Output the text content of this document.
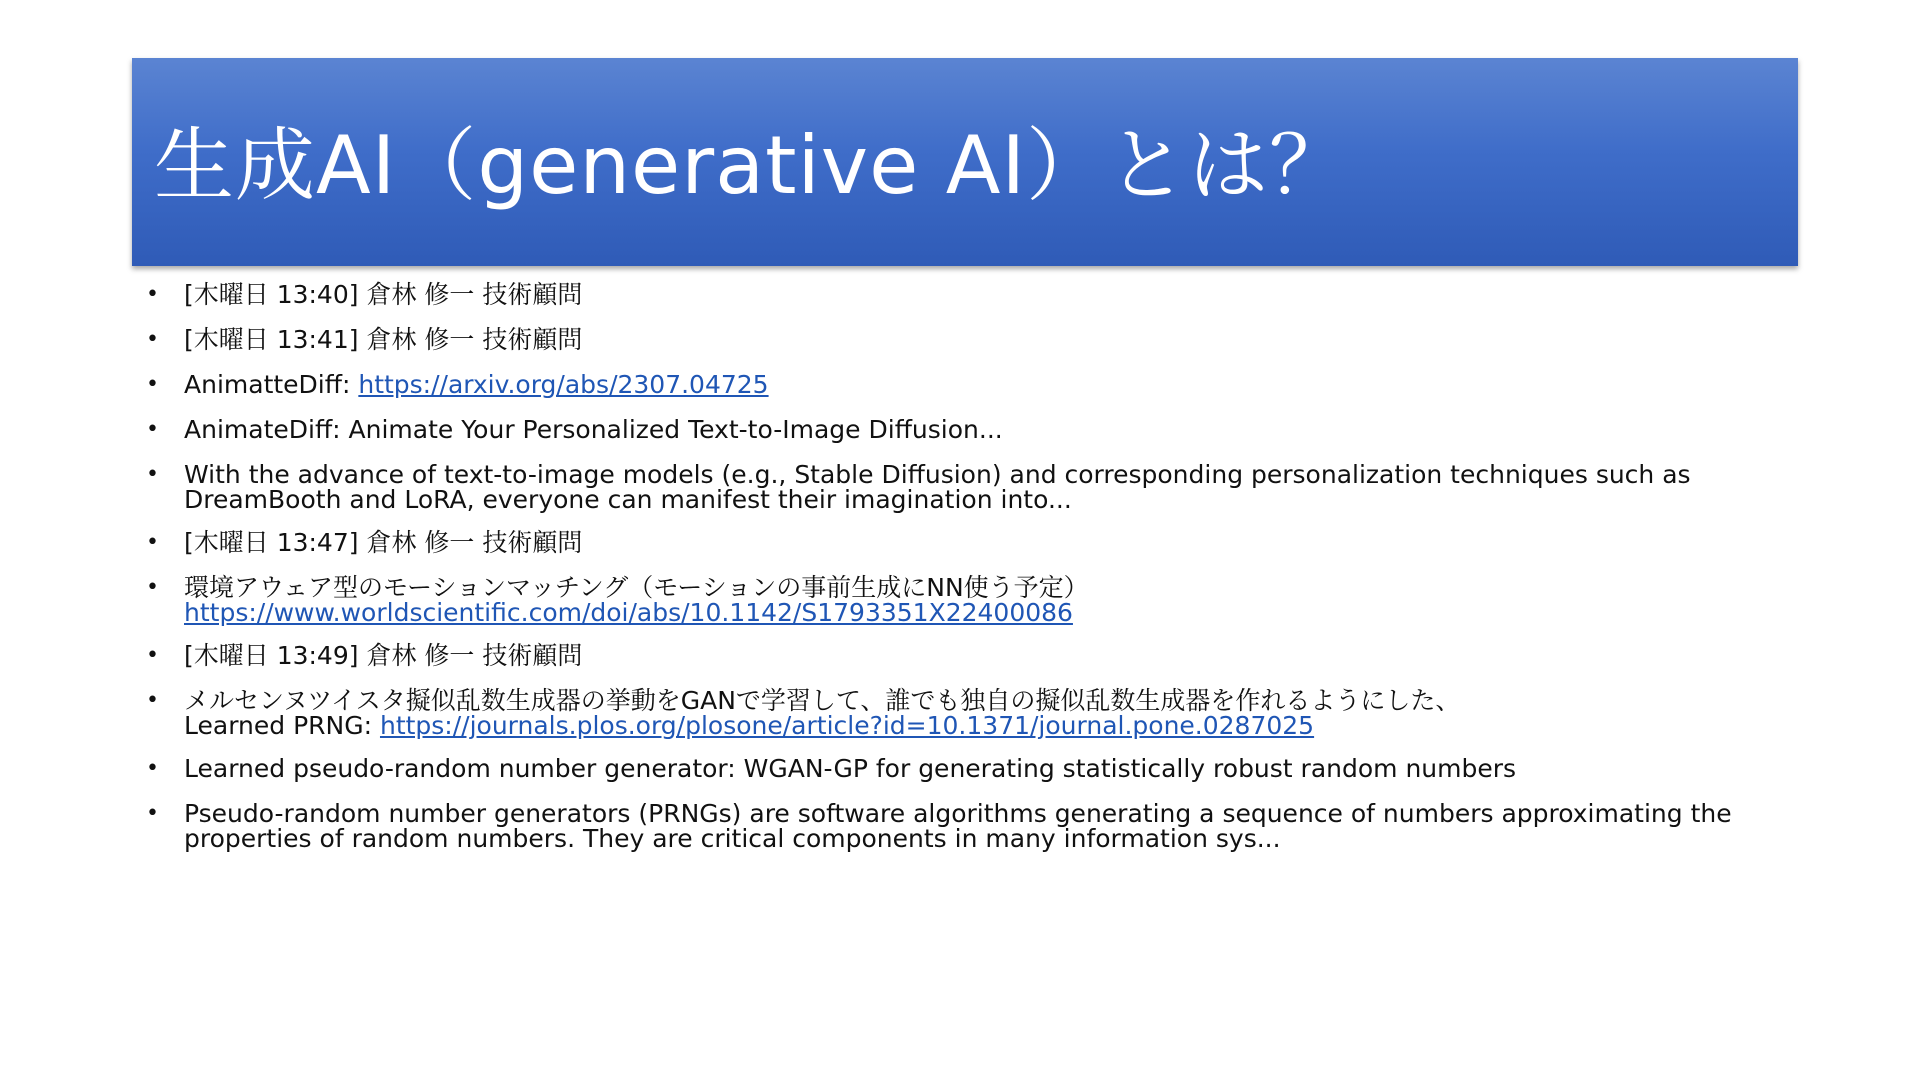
生成AI（generative AI）とは？
• [木曜日 13:40] 倉林 修一 技術顧問
• [木曜日 13:41] 倉林 修一 技術顧問
• AnimatteDiff: https://arxiv.org/abs/2307.04725
• AnimateDiff: Animate Your Personalized Text-to-Image Diffusion...
• With the advance of text-to-image models (e.g., Stable Diffusion) and corresponding personalization techniques such as
DreamBooth and LoRA, everyone can manifest their imagination into...
• [木曜日 13:47] 倉林 修一 技術顧問
• 環境アウェア型のモーションマッチング（モーションの事前生成にNN使う予定）
https://www.worldscientific.com/doi/abs/10.1142/S1793351X22400086
• [木曜日 13:49] 倉林 修一 技術顧問
• メルセンヌツイスタ擬似乱数生成器の挙動をGANで学習して、誰でも独自の擬似乱数生成器を作れるようにした、
Learned PRNG: https://journals.plos.org/plosone/article?id=10.1371/journal.pone.0287025
• Learned pseudo-random number generator: WGAN-GP for generating statistically robust random numbers
• Pseudo-random number generators (PRNGs) are software algorithms generating a sequence of numbers approximating the
properties of random numbers. They are critical components in many information sys...
